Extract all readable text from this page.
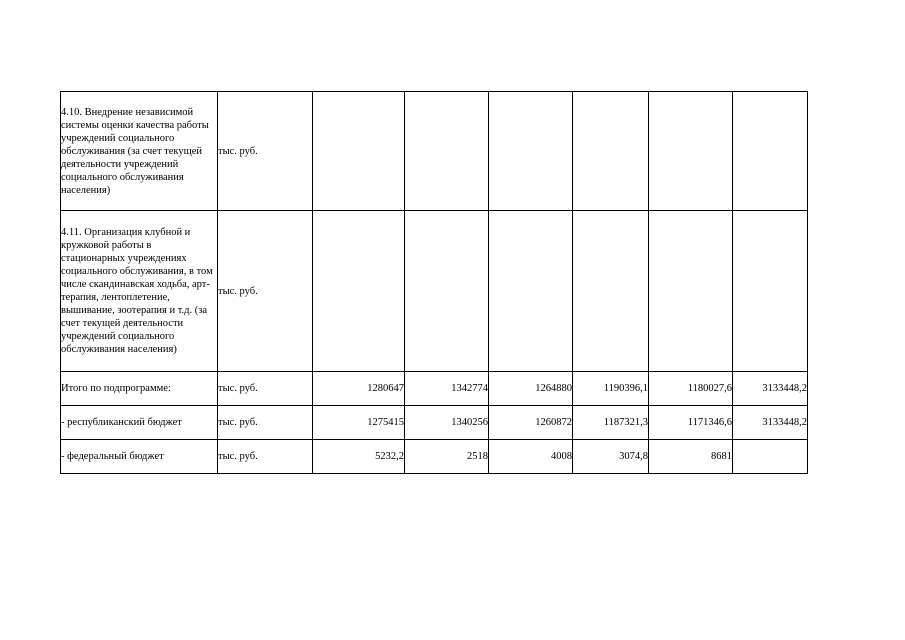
4.10. Внедрение независимой системы оценки качества работы учреждений социального обслуживания (за счет текущей деятельности учреждений социального обслуживания населения)	тыс. руб.						
4.11. Организация клубной и кружковой работы в стационарных учреждениях социального обслуживания, в том числе скандинавская ходьба, арт-терапия, лентоплетение, вышивание, зоотерапия и т.д. (за счет текущей деятельности учреждений социального обслуживания населения)	тыс. руб.						
Итого по подпрограмме:	тыс. руб.	1280647	1342774	1264880	1190396,1	1180027,6	3133448,2
- республиканский бюджет	тыс. руб.	1275415	1340256	1260872	1187321,3	1171346,6	3133448,2
- федеральный бюджет	тыс. руб.	5232,2	2518	4008	3074,8	8681	
